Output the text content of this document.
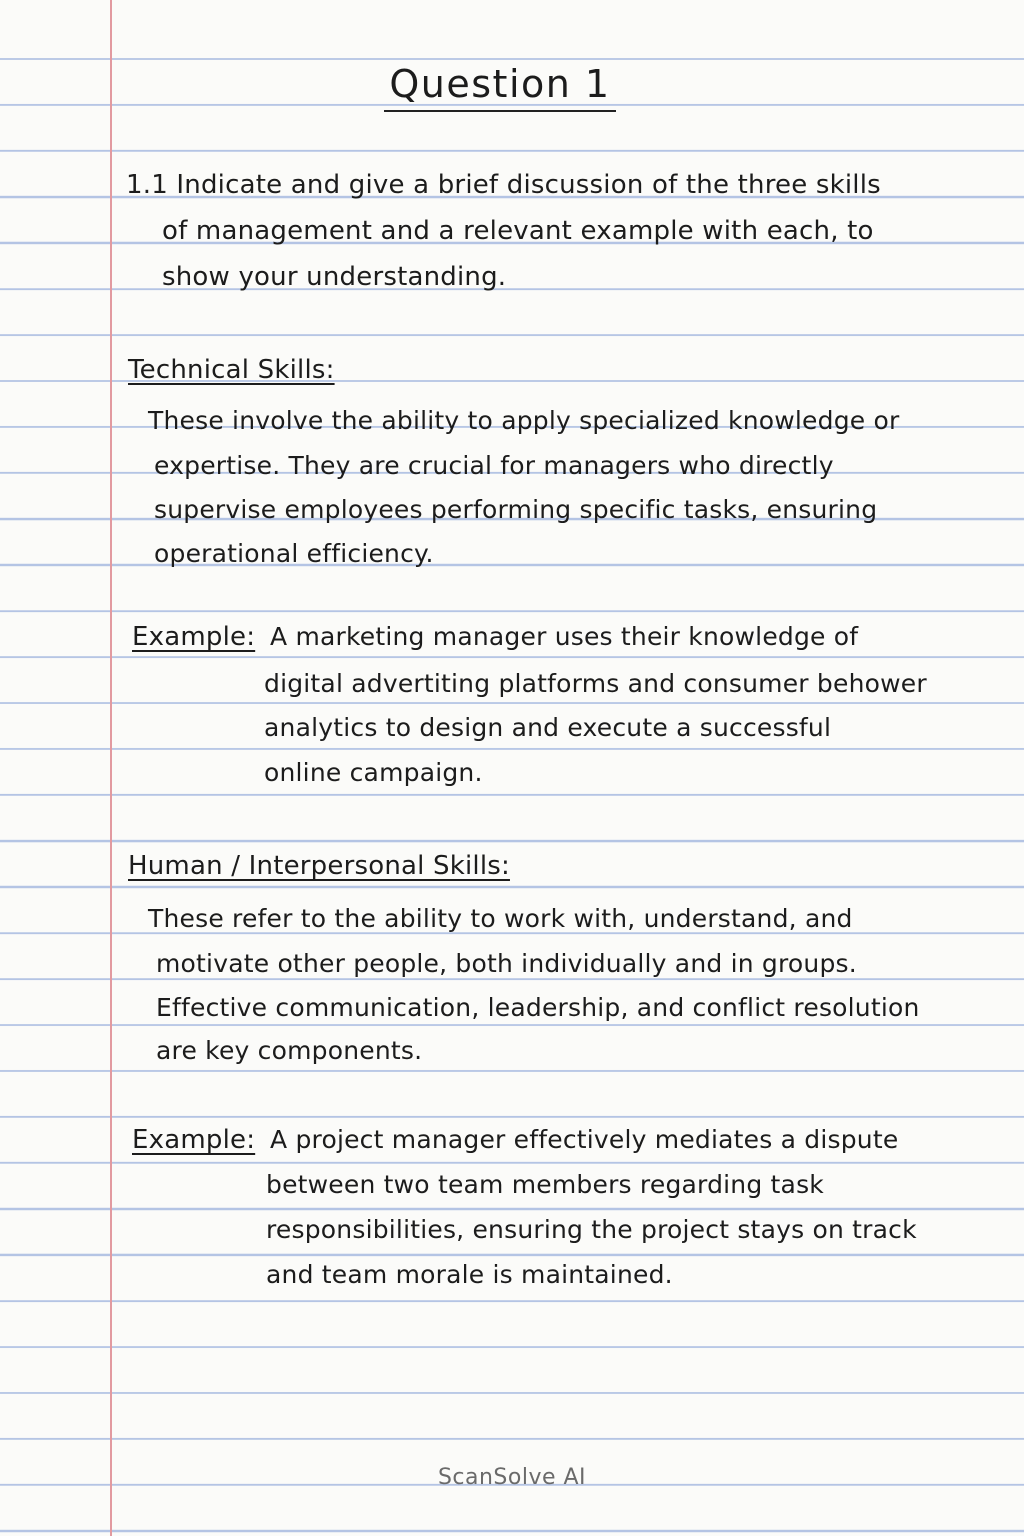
Question 1
1.1 Indicate and give a brief discussion of the three skills
of management and a relevant example with each, to
show your understanding.
Technical Skills:
These involve the ability to apply specialized knowledge or
expertise. They are crucial for managers who directly
supervise employees performing specific tasks, ensuring
operational efficiency.
Example: A marketing manager uses their knowledge of
digital advertiting platforms and consumer behower
analytics to design and execute a successful
online campaign.
Human / Interpersonal Skills:
These refer to the ability to work with, understand, and
motivate other people, both individually and in groups.
Effective communication, leadership, and conflict resolution
are key components.
Example: A project manager effectively mediates a dispute
between two team members regarding task
responsibilities, ensuring the project stays on track
and team morale is maintained.
ScanSolve AI
